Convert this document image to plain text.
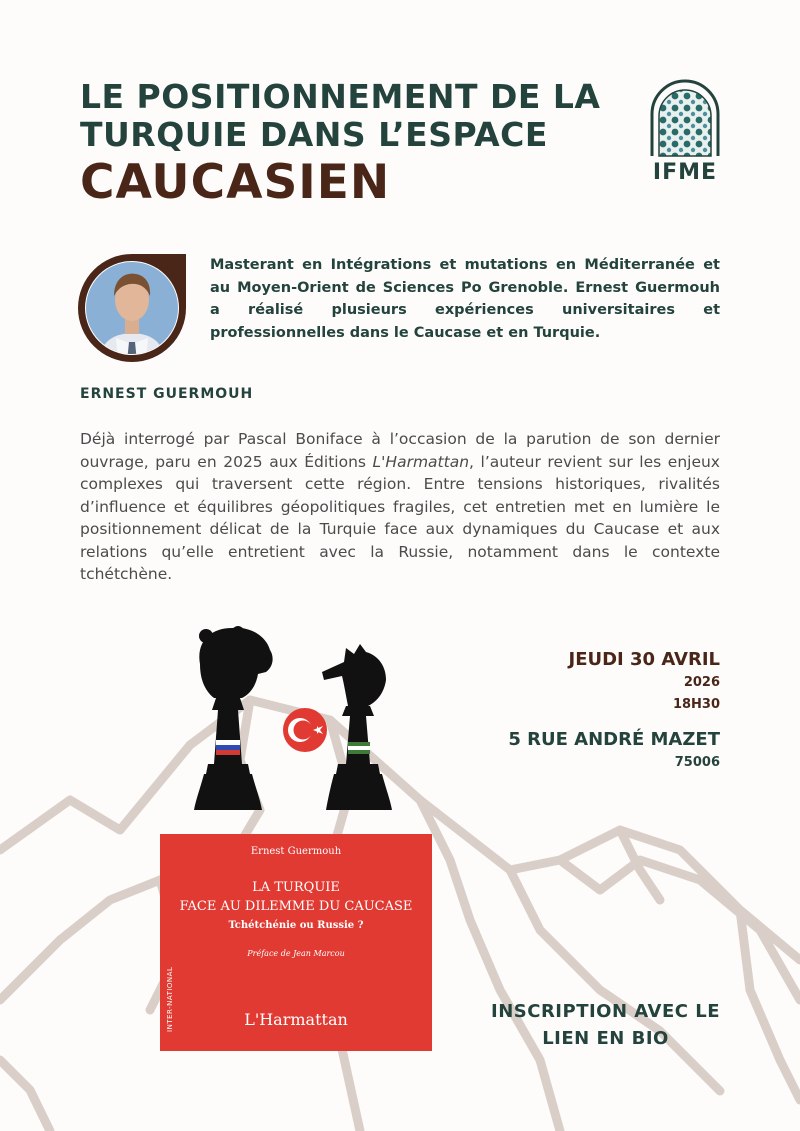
LE POSITIONNEMENT DE LA
TURQUIE DANS L’ESPACE
CAUCASIEN	IFME

Masterant en Intégrations et mutations en Méditerranée et au Moyen-Orient de Sciences Po Grenoble. Ernest Guermouh a réalisé plusieurs expériences universitaires et professionnelles dans le Caucase et en Turquie.

ERNEST GUERMOUH

Déjà interrogé par Pascal Boniface à l’occasion de la parution de son dernier ouvrage, paru en 2025 aux Éditions L'Harmattan, l’auteur revient sur les enjeux complexes qui traversent cette région. Entre tensions historiques, rivalités d’influence et équilibres géopolitiques fragiles, cet entretien met en lumière le positionnement délicat de la Turquie face aux dynamiques du Caucase et aux relations qu’elle entretient avec la Russie, notamment dans le contexte tchétchène.

Ernest Guermouh
LA TURQUIE
FACE AU DILEMME DU CAUCASE
Tchétchénie ou Russie ?
Préface de Jean Marcou
INTER-NATIONAL	L'Harmattan
JEUDI 30 AVRIL
2026
18H30
5 RUE ANDRÉ MAZET
75006
INSCRIPTION AVEC LE
LIEN EN BIO
